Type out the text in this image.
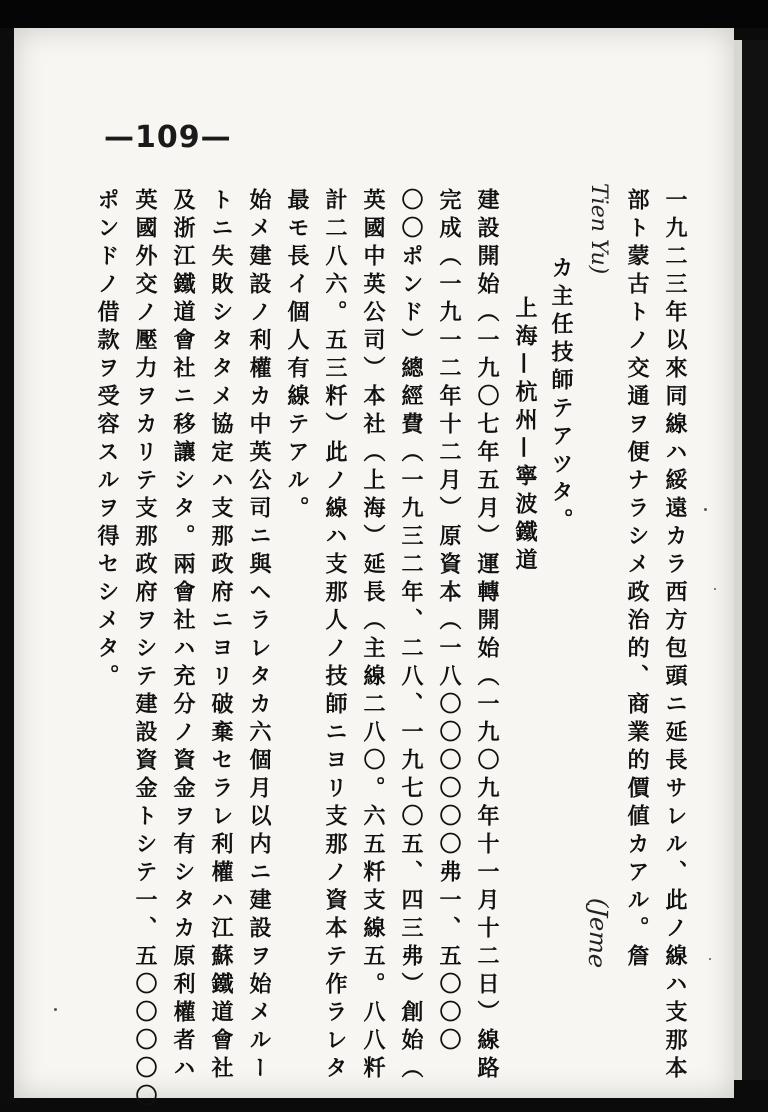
—109—
一九二三年以來同線ハ綏遠カラ西方包頭ニ延長サレル、此ノ線ハ支那本
部ト蒙古トノ交通ヲ便ナラシメ政治的、商業的價値カアル。詹
(Jeme
Tien Yu)
カ主任技師テアツタ。
上海—杭州—寧波鐵道
建設開始（一九〇七年五月）運轉開始（一九〇九年十一月十二日）線路
完成（一九一二年十二月）原資本（一八〇〇〇〇〇〇弗一、五〇〇〇
〇〇ポンド）總經費（一九三二年、二八、一九七〇五、四三弗）創始（
英國中英公司）本社（上海）延長（主線二八〇。六五粁支線五。八八粁
計二八六。五三粁）此ノ線ハ支那人ノ技師ニヨリ支那ノ資本テ作ラレタ
最モ長イ個人有線テアル。
始メ建設ノ利權カ中英公司ニ與ヘラレタカ六個月以内ニ建設ヲ始メルー
トニ失敗シタタメ協定ハ支那政府ニヨリ破棄セラレ利權ハ江蘇鐵道會社
及浙江鐵道會社ニ移讓シタ。兩會社ハ充分ノ資金ヲ有シタカ原利權者ハ
英國外交ノ壓力ヲカリテ支那政府ヲシテ建設資金トシテ一、五〇〇〇〇〇
ポンドノ借款ヲ受容スルヲ得セシメタ。
